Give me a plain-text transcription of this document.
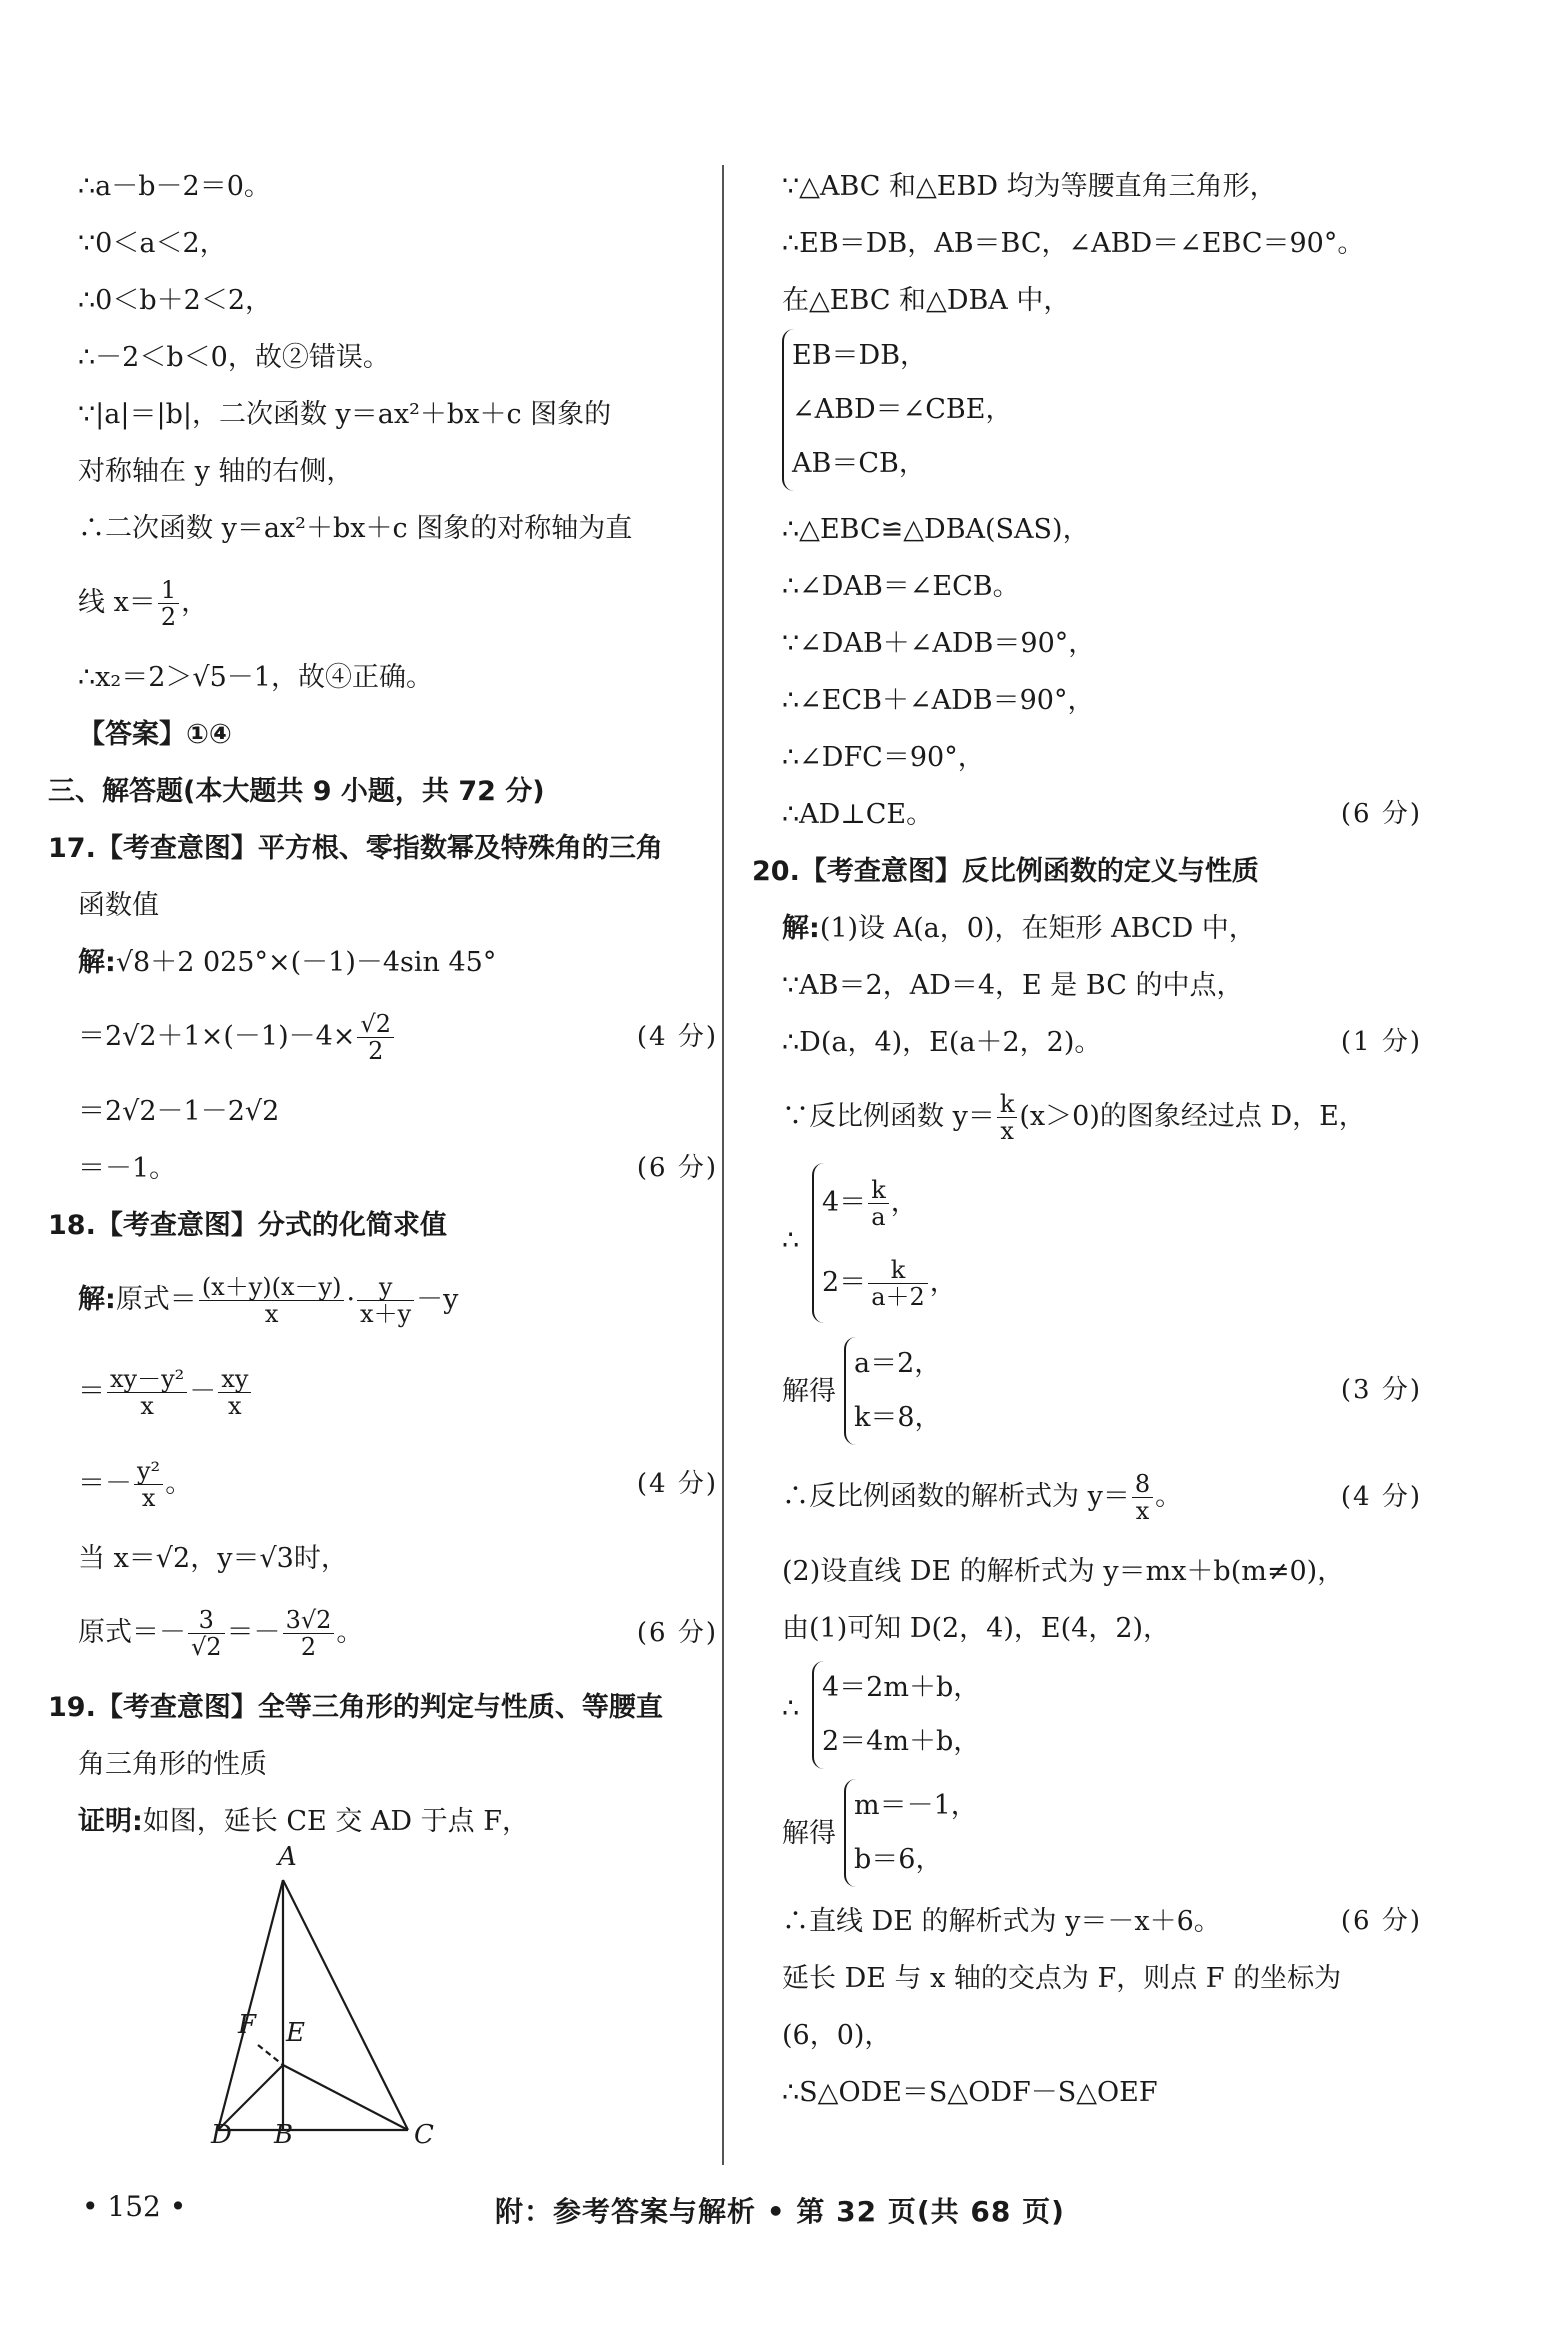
∴a－b－2＝0。
∵0＜a＜2，
∴0＜b＋2＜2，
∴－2＜b＜0，故②错误。
∵|a|＝|b|，二次函数 y＝ax²＋bx＋c 图象的
对称轴在 y 轴的右侧，
∴二次函数 y＝ax²＋bx＋c 图象的对称轴为直
线 $x= \frac{1}{2}$ ，
∴x₂＝2＞√5－1，故④正确。
【答案】①④
三、解答题(本大题共 9 小题，共 72 分)
17.【考查意图】平方根、零指数幂及特殊角的三角
函数值
解:√8＋2 025°×(－1)－4sin 45°
$=2√2+1\times(-1)-4\times \frac{√2}{2}$	(4 分)
＝2√2－1－2√2
＝－1。	(6 分)
18.【考查意图】分式的化简求值
解:原式＝ $\frac{(x+y)(x-y)}{x} \cdot \frac{y}{x+y} -y$
＝ $\frac{\text{xy－y²}}{x} - \frac{xy}{x}$
＝－ $\frac{\text{y²}}{x}$ 。	(4 分)
当 x＝√2，y＝√3时，
原式＝－ $\frac{3}{√2} =- \frac{3√2}{2}$ 。	(6 分)
19.【考查意图】全等三角形的判定与性质、等腰直
角三角形的性质
证明:如图，延长 CE 交 AD 于点 F，
A
D B	C
E
F
∵△ABC 和△EBD 均为等腰直角三角形，
∴EB＝DB，AB＝BC，∠ABD＝∠EBC＝90°。
在△EBC 和△DBA 中，
EB＝DB，
∠ABD＝∠CBE，
AB＝CB，
∴△EBC≌△DBA(SAS)，
∴∠DAB＝∠ECB。
∵∠DAB＋∠ADB＝90°，
∴∠ECB＋∠ADB＝90°，
∴∠DFC＝90°，
∴AD⊥CE。	(6 分)
20.【考查意图】反比例函数的定义与性质
解:(1)设 A(a，0)，在矩形 ABCD 中，
∵AB＝2，AD＝4，E 是 BC 的中点，
∴D(a，4)，E(a＋2，2)。	(1 分)
∵反比例函数 $y= \frac{k}{x} (x>0)$的图象经过点 D，E，
∴
$4= \frac{k}{a}$ ，
$2= \frac{k}{a+2}$ ，
解得
a＝2，
k＝8，
(3 分)
∴反比例函数的解析式为 $y= \frac{8}{x}$ 。	(4 分)
(2)设直线 DE 的解析式为 y＝mx＋b(m≠0)，
由(1)可知 D(2，4)，E(4，2)，
∴
4＝2m＋b，
2＝4m＋b，
解得
m＝－1，
b＝6，
∴直线 DE 的解析式为 y＝－x＋6。	(6 分)
延长 DE 与 x 轴的交点为 F，则点 F 的坐标为
(6，0)，
∴S△ODE＝S△ODF－S△OEF
• 152 •	附：参考答案与解析 • 第 32 页(共 68 页)
